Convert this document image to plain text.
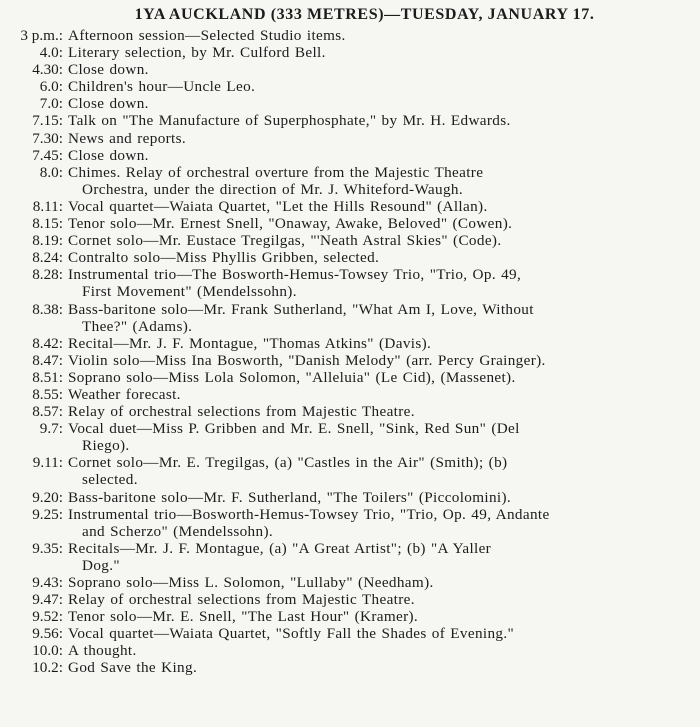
1YA AUCKLAND (333 METRES)—TUESDAY, JANUARY 17.
3 p.m.: Afternoon session—Selected Studio items.
4.0: Literary selection, by Mr. Culford Bell.
4.30: Close down.
6.0: Children's hour—Uncle Leo.
7.0: Close down.
7.15: Talk on "The Manufacture of Superphosphate," by Mr. H. Edwards.
7.30: News and reports.
7.45: Close down.
8.0: Chimes. Relay of orchestral overture from the Majestic Theatre
Orchestra, under the direction of Mr. J. Whiteford-Waugh.
8.11: Vocal quartet—Waiata Quartet, "Let the Hills Resound" (Allan).
8.15: Tenor solo—Mr. Ernest Snell, "Onaway, Awake, Beloved" (Cowen).
8.19: Cornet solo—Mr. Eustace Tregilgas, "'Neath Astral Skies" (Code).
8.24: Contralto solo—Miss Phyllis Gribben, selected.
8.28: Instrumental trio—The Bosworth-Hemus-Towsey Trio, "Trio, Op. 49,
First Movement" (Mendelssohn).
8.38: Bass-baritone solo—Mr. Frank Sutherland, "What Am I, Love, Without
Thee?" (Adams).
8.42: Recital—Mr. J. F. Montague, "Thomas Atkins" (Davis).
8.47: Violin solo—Miss Ina Bosworth, "Danish Melody" (arr. Percy Grainger).
8.51: Soprano solo—Miss Lola Solomon, "Alleluia" (Le Cid), (Massenet).
8.55: Weather forecast.
8.57: Relay of orchestral selections from Majestic Theatre.
9.7: Vocal duet—Miss P. Gribben and Mr. E. Snell, "Sink, Red Sun" (Del
Riego).
9.11: Cornet solo—Mr. E. Tregilgas, (a) "Castles in the Air" (Smith); (b)
selected.
9.20: Bass-baritone solo—Mr. F. Sutherland, "The Toilers" (Piccolomini).
9.25: Instrumental trio—Bosworth-Hemus-Towsey Trio, "Trio, Op. 49, Andante
and Scherzo" (Mendelssohn).
9.35: Recitals—Mr. J. F. Montague, (a) "A Great Artist"; (b) "A Yaller
Dog."
9.43: Soprano solo—Miss L. Solomon, "Lullaby" (Needham).
9.47: Relay of orchestral selections from Majestic Theatre.
9.52: Tenor solo—Mr. E. Snell, "The Last Hour" (Kramer).
9.56: Vocal quartet—Waiata Quartet, "Softly Fall the Shades of Evening."
10.0: A thought.
10.2: God Save the King.
